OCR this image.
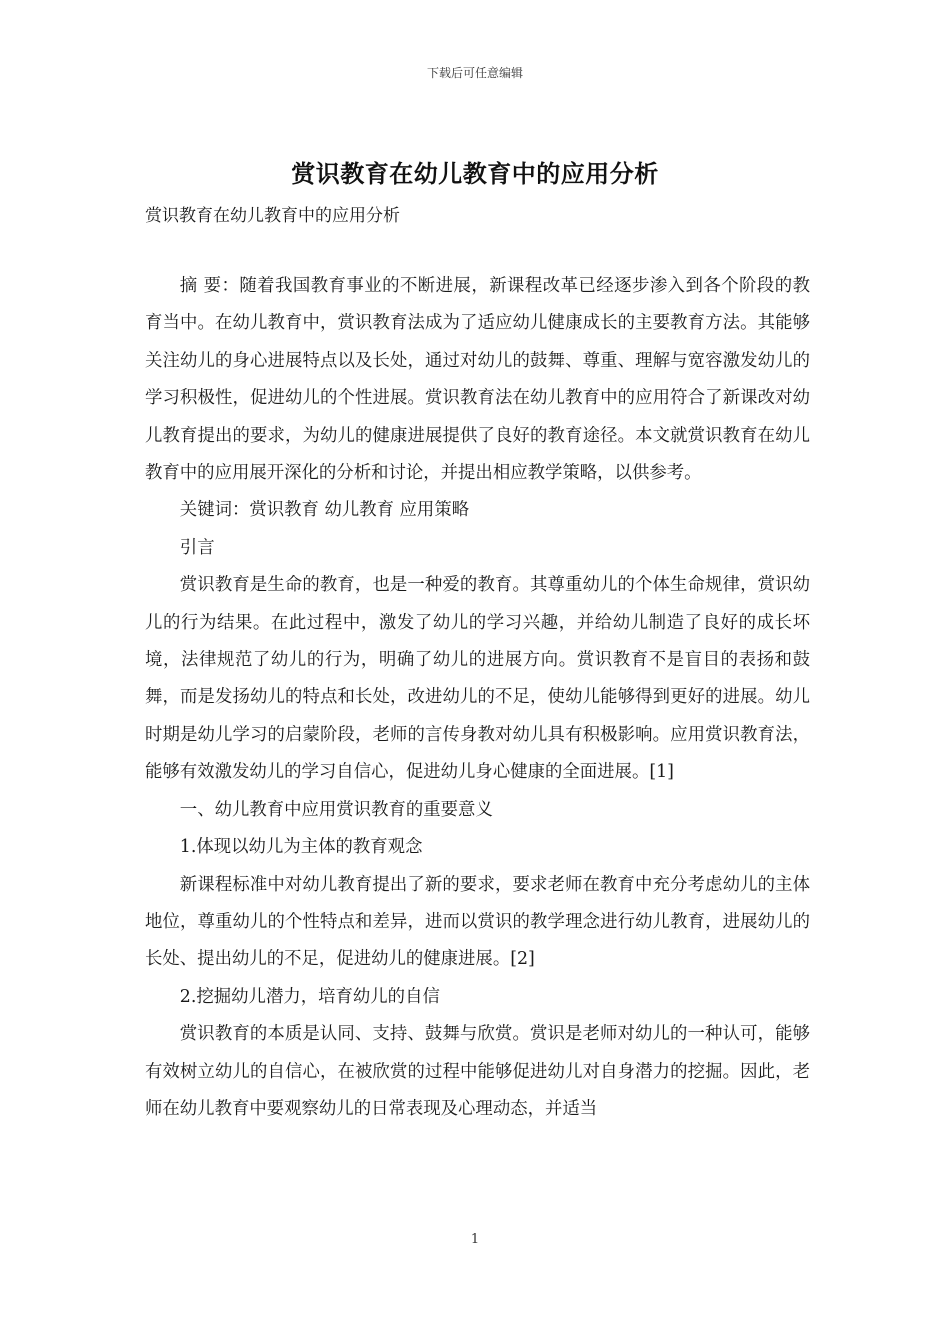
下载后可任意编辑
赏识教育在幼儿教育中的应用分析
赏识教育在幼儿教育中的应用分析

摘 要：随着我国教育事业的不断进展，新课程改革已经逐步渗入到各个阶段的教育当中。在幼儿教育中，赏识教育法成为了适应幼儿健康成长的主要教育方法。其能够关注幼儿的身心进展特点以及长处，通过对幼儿的鼓舞、尊重、理解与宽容激发幼儿的学习积极性，促进幼儿的个性进展。赏识教育法在幼儿教育中的应用符合了新课改对幼儿教育提出的要求，为幼儿的健康进展提供了良好的教育途径。本文就赏识教育在幼儿教育中的应用展开深化的分析和讨论，并提出相应教学策略，以供参考。

关键词：赏识教育 幼儿教育 应用策略

引言

赏识教育是生命的教育，也是一种爱的教育。其尊重幼儿的个体生命规律，赏识幼儿的行为结果。在此过程中，激发了幼儿的学习兴趣，并给幼儿制造了良好的成长坏境，法律规范了幼儿的行为，明确了幼儿的进展方向。赏识教育不是盲目的表扬和鼓舞，而是发扬幼儿的特点和长处，改进幼儿的不足，使幼儿能够得到更好的进展。幼儿时期是幼儿学习的启蒙阶段，老师的言传身教对幼儿具有积极影响。应用赏识教育法，能够有效激发幼儿的学习自信心，促进幼儿身心健康的全面进展。[1]

一、幼儿教育中应用赏识教育的重要意义

1.体现以幼儿为主体的教育观念

新课程标准中对幼儿教育提出了新的要求，要求老师在教育中充分考虑幼儿的主体地位，尊重幼儿的个性特点和差异，进而以赏识的教学理念进行幼儿教育，进展幼儿的长处、提出幼儿的不足，促进幼儿的健康进展。[2]

2.挖掘幼儿潜力，培育幼儿的自信

赏识教育的本质是认同、支持、鼓舞与欣赏。赏识是老师对幼儿的一种认可，能够有效树立幼儿的自信心，在被欣赏的过程中能够促进幼儿对自身潜力的挖掘。因此，老师在幼儿教育中要观察幼儿的日常表现及心理动态，并适当

1
